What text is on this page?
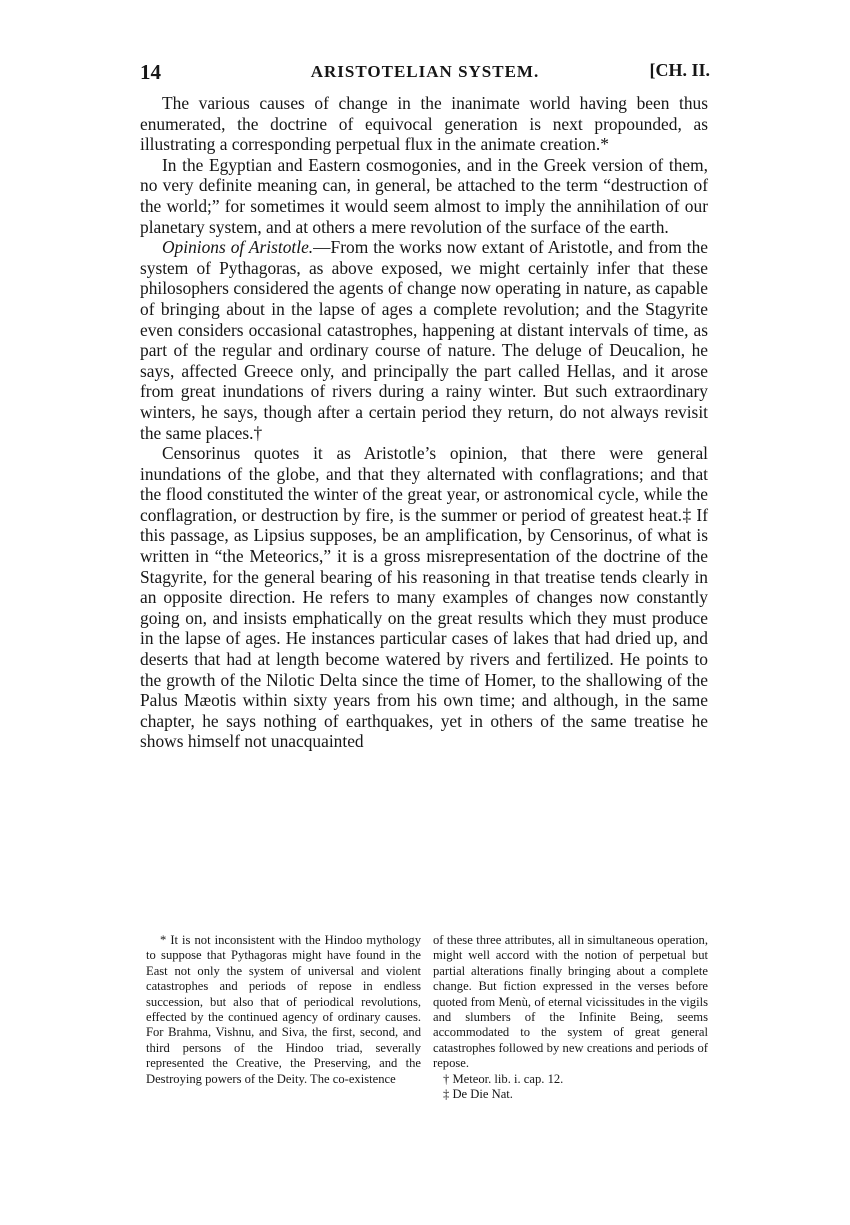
14	ARISTOTELIAN SYSTEM.	[CH. II.

The various causes of change in the inanimate world having been thus enumerated, the doctrine of equivocal generation is next propounded, as illustrating a corresponding perpetual flux in the animate creation.*

In the Egyptian and Eastern cosmogonies, and in the Greek version of them, no very definite meaning can, in general, be attached to the term “destruction of the world;” for sometimes it would seem almost to imply the annihilation of our planetary system, and at others a mere revolution of the surface of the earth.

Opinions of Aristotle.—From the works now extant of Aristotle, and from the system of Pythagoras, as above exposed, we might certainly infer that these philosophers considered the agents of change now operating in nature, as capable of bringing about in the lapse of ages a complete revolution; and the Stagyrite even considers occasional catastrophes, happening at distant intervals of time, as part of the regular and ordinary course of nature. The deluge of Deucalion, he says, affected Greece only, and principally the part called Hellas, and it arose from great inundations of rivers during a rainy winter. But such extraordinary winters, he says, though after a certain period they return, do not always revisit the same places.†

Censorinus quotes it as Aristotle’s opinion, that there were general inundations of the globe, and that they alternated with conflagrations; and that the flood constituted the winter of the great year, or astronomical cycle, while the conflagration, or destruction by fire, is the summer or period of greatest heat.‡ If this passage, as Lipsius supposes, be an amplification, by Censorinus, of what is written in “the Meteorics,” it is a gross misrepresentation of the doctrine of the Stagyrite, for the general bearing of his reasoning in that treatise tends clearly in an opposite direction. He refers to many examples of changes now constantly going on, and insists emphatically on the great results which they must produce in the lapse of ages. He instances particular cases of lakes that had dried up, and deserts that had at length become watered by rivers and fertilized. He points to the growth of the Nilotic Delta since the time of Homer, to the shallowing of the Palus Mæotis within sixty years from his own time; and although, in the same chapter, he says nothing of earthquakes, yet in others of the same treatise he shows himself not unacquainted

* It is not inconsistent with the Hindoo mythology to suppose that Pythagoras might have found in the East not only the system of universal and violent catastrophes and periods of repose in endless succession, but also that of periodical revolutions, effected by the continued agency of ordinary causes. For Brahma, Vishnu, and Siva, the first, second, and third persons of the Hindoo triad, severally represented the Creative, the Preserving, and the Destroying powers of the Deity. The co-existence

of these three attributes, all in simultaneous operation, might well accord with the notion of perpetual but partial alterations finally bringing about a complete change. But fiction expressed in the verses before quoted from Menù, of eternal vicissitudes in the vigils and slumbers of the Infinite Being, seems accommodated to the system of great general catastrophes followed by new creations and periods of repose.

† Meteor. lib. i. cap. 12.

‡ De Die Nat.
